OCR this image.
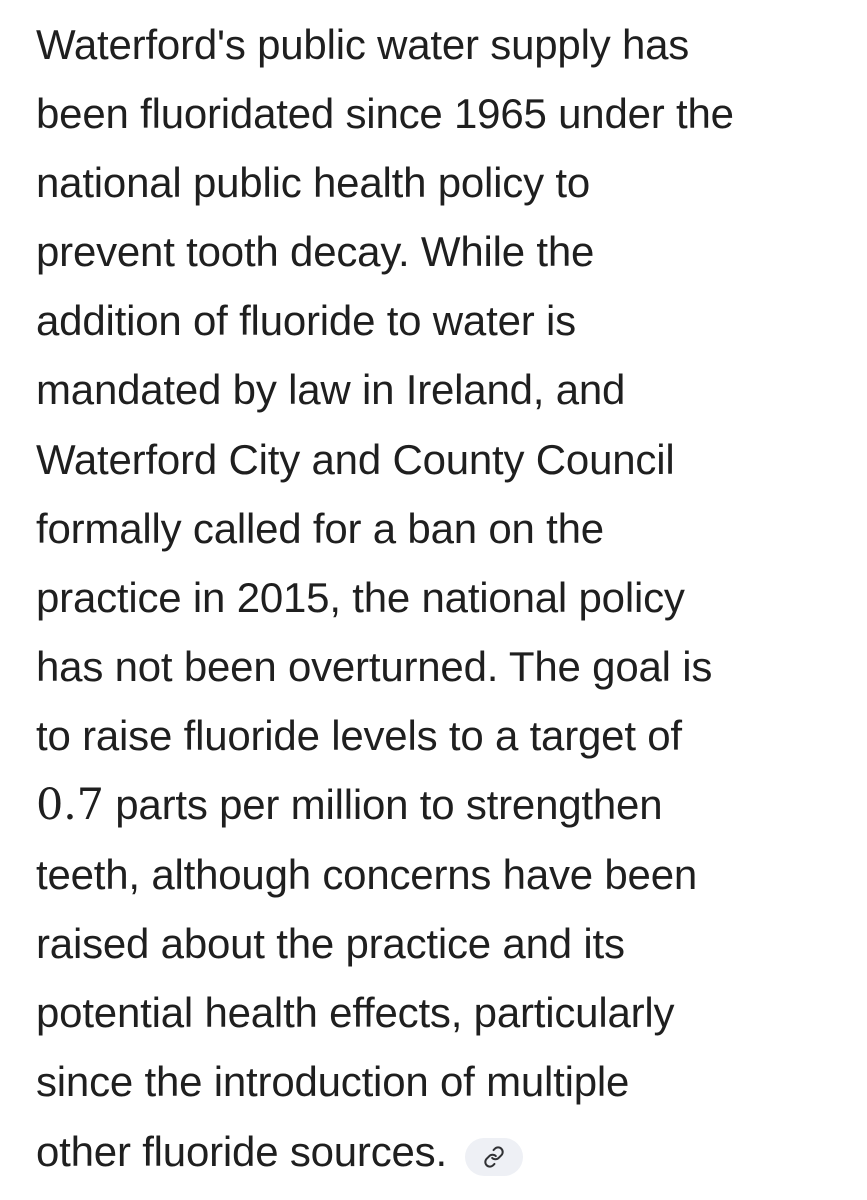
Waterford's public water supply has
been fluoridated since 1965 under the
national public health policy to
prevent tooth decay. While the
addition of fluoride to water is
mandated by law in Ireland, and
Waterford City and County Council
formally called for a ban on the
practice in 2015, the national policy
has not been overturned. The goal is
to raise fluoride levels to a target of
0.7 parts per million to strengthen
teeth, although concerns have been
raised about the practice and its
potential health effects, particularly
since the introduction of multiple
other fluoride sources.
